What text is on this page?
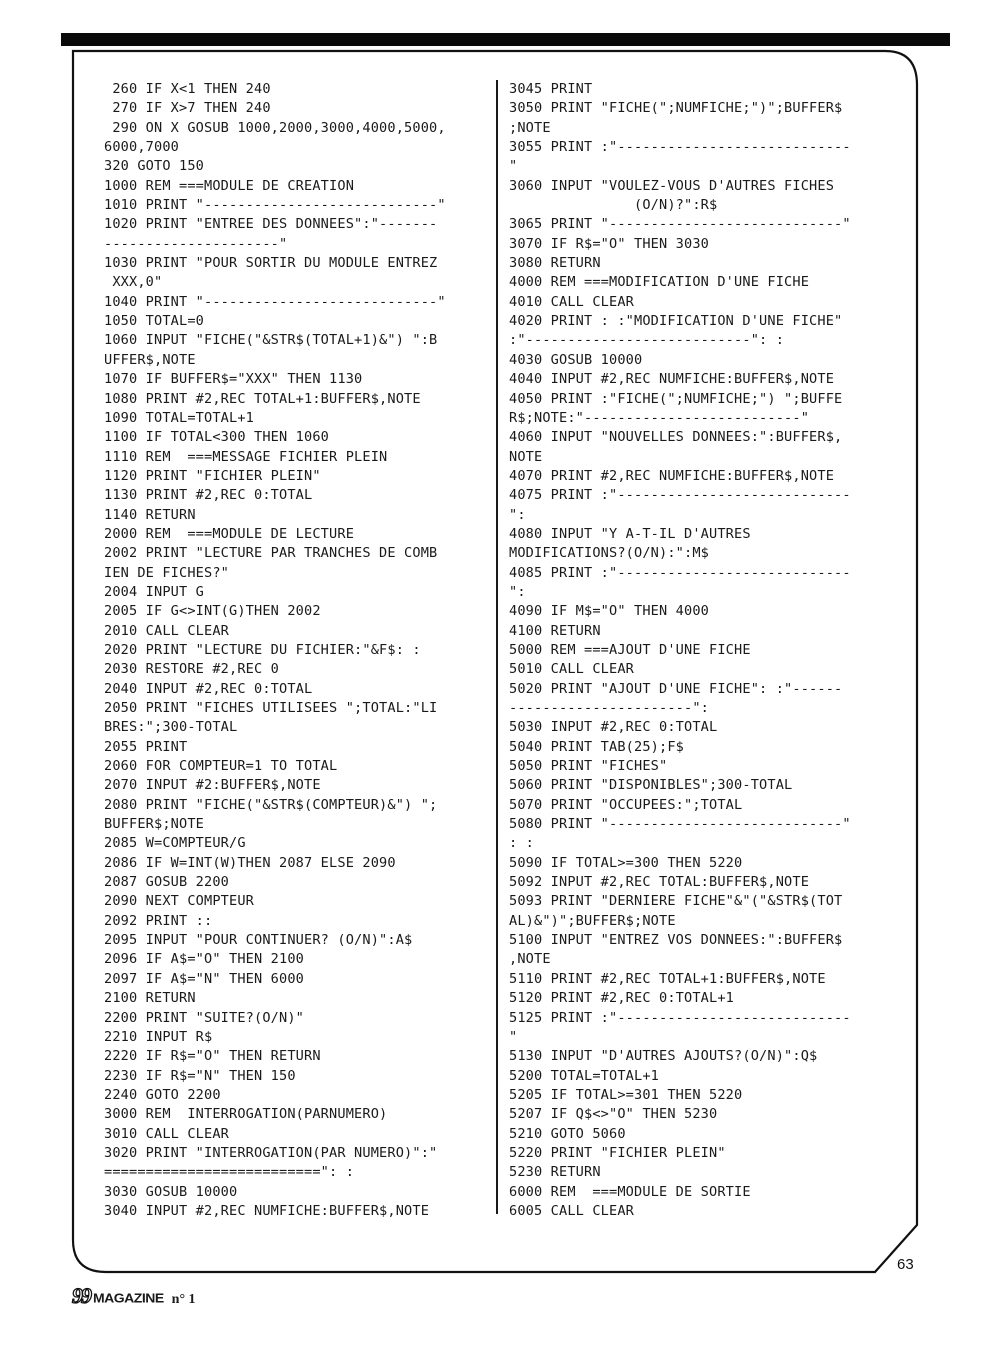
260 IF X<1 THEN 240
270 IF X>7 THEN 240
290 ON X GOSUB 1000,2000,3000,4000,5000,
6000,7000
320 GOTO 150
1000 REM ===MODULE DE CREATION
1010 PRINT "----------------------------"
1020 PRINT "ENTREE DES DONNEES":"-------
---------------------"
1030 PRINT "POUR SORTIR DU MODULE ENTREZ
XXX,0"
1040 PRINT "----------------------------"
1050 TOTAL=0
1060 INPUT "FICHE("&STR$(TOTAL+1)&") ":B
UFFER$,NOTE
1070 IF BUFFER$="XXX" THEN 1130
1080 PRINT #2,REC TOTAL+1:BUFFER$,NOTE
1090 TOTAL=TOTAL+1
1100 IF TOTAL<300 THEN 1060
1110 REM  ===MESSAGE FICHIER PLEIN
1120 PRINT "FICHIER PLEIN"
1130 PRINT #2,REC 0:TOTAL
1140 RETURN
2000 REM  ===MODULE DE LECTURE
2002 PRINT "LECTURE PAR TRANCHES DE COMB
IEN DE FICHES?"
2004 INPUT G
2005 IF G<>INT(G)THEN 2002
2010 CALL CLEAR
2020 PRINT "LECTURE DU FICHIER:"&F$: :
2030 RESTORE #2,REC 0
2040 INPUT #2,REC 0:TOTAL
2050 PRINT "FICHES UTILISEES ";TOTAL:"LI
BRES:";300-TOTAL
2055 PRINT
2060 FOR COMPTEUR=1 TO TOTAL
2070 INPUT #2:BUFFER$,NOTE
2080 PRINT "FICHE("&STR$(COMPTEUR)&") ";
BUFFER$;NOTE
2085 W=COMPTEUR/G
2086 IF W=INT(W)THEN 2087 ELSE 2090
2087 GOSUB 2200
2090 NEXT COMPTEUR
2092 PRINT ::
2095 INPUT "POUR CONTINUER? (O/N)":A$
2096 IF A$="O" THEN 2100
2097 IF A$="N" THEN 6000
2100 RETURN
2200 PRINT "SUITE?(O/N)"
2210 INPUT R$
2220 IF R$="O" THEN RETURN
2230 IF R$="N" THEN 150
2240 GOTO 2200
3000 REM  INTERROGATION(PARNUMERO)
3010 CALL CLEAR
3020 PRINT "INTERROGATION(PAR NUMERO)":"
==========================": :
3030 GOSUB 10000
3040 INPUT #2,REC NUMFICHE:BUFFER$,NOTE
3045 PRINT
3050 PRINT "FICHE(";NUMFICHE;")";BUFFER$
;NOTE
3055 PRINT :"----------------------------
"
3060 INPUT "VOULEZ-VOUS D'AUTRES FICHES
(O/N)?":R$
3065 PRINT "----------------------------"
3070 IF R$="O" THEN 3030
3080 RETURN
4000 REM ===MODIFICATION D'UNE FICHE
4010 CALL CLEAR
4020 PRINT : :"MODIFICATION D'UNE FICHE"
:"---------------------------": :
4030 GOSUB 10000
4040 INPUT #2,REC NUMFICHE:BUFFER$,NOTE
4050 PRINT :"FICHE(";NUMFICHE;") ";BUFFE
R$;NOTE:"--------------------------"
4060 INPUT "NOUVELLES DONNEES:":BUFFER$,
NOTE
4070 PRINT #2,REC NUMFICHE:BUFFER$,NOTE
4075 PRINT :"----------------------------
":
4080 INPUT "Y A-T-IL D'AUTRES
MODIFICATIONS?(O/N):":M$
4085 PRINT :"----------------------------
":
4090 IF M$="O" THEN 4000
4100 RETURN
5000 REM ===AJOUT D'UNE FICHE
5010 CALL CLEAR
5020 PRINT "AJOUT D'UNE FICHE": :"------
----------------------":
5030 INPUT #2,REC 0:TOTAL
5040 PRINT TAB(25);F$
5050 PRINT "FICHES"
5060 PRINT "DISPONIBLES";300-TOTAL
5070 PRINT "OCCUPEES:";TOTAL
5080 PRINT "----------------------------"
: :
5090 IF TOTAL>=300 THEN 5220
5092 INPUT #2,REC TOTAL:BUFFER$,NOTE
5093 PRINT "DERNIERE FICHE"&"("&STR$(TOT
AL)&")";BUFFER$;NOTE
5100 INPUT "ENTREZ VOS DONNEES:":BUFFER$
,NOTE
5110 PRINT #2,REC TOTAL+1:BUFFER$,NOTE
5120 PRINT #2,REC 0:TOTAL+1
5125 PRINT :"----------------------------
"
5130 INPUT "D'AUTRES AJOUTS?(O/N)":Q$
5200 TOTAL=TOTAL+1
5205 IF TOTAL>=301 THEN 5220
5207 IF Q$<>"O" THEN 5230
5210 GOTO 5060
5220 PRINT "FICHIER PLEIN"
5230 RETURN
6000 REM  ===MODULE DE SORTIE
6005 CALL CLEAR
99 MAGAZINE n° 1
63
